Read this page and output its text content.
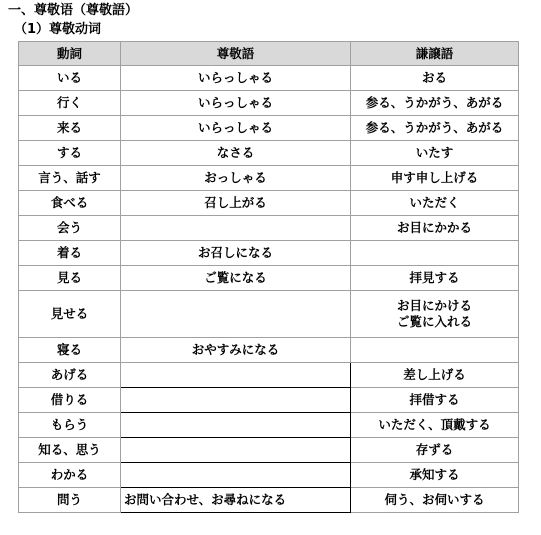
一、尊敬语（尊敬語）
（1）尊敬动词
動詞	尊敬語	謙譲語
いる	いらっしゃる	おる
行く	いらっしゃる	参る、うかがう、あがる
来る	いらっしゃる	参る、うかがう、あがる
する	なさる	いたす
言う、話す	おっしゃる	申す申し上げる
食べる	召し上がる	いただく
会う		お目にかかる
着る	お召しになる	
見る	ご覧になる	拝見する
見せる		お目にかける
ご覧に入れる

寝る	おやすみになる	
あげる		差し上げる
借りる		拝借する
もらう		いただく、頂戴する
知る、思う		存ずる
わかる		承知する
問う	お問い合わせ、お尋ねになる	伺う、お伺いする
